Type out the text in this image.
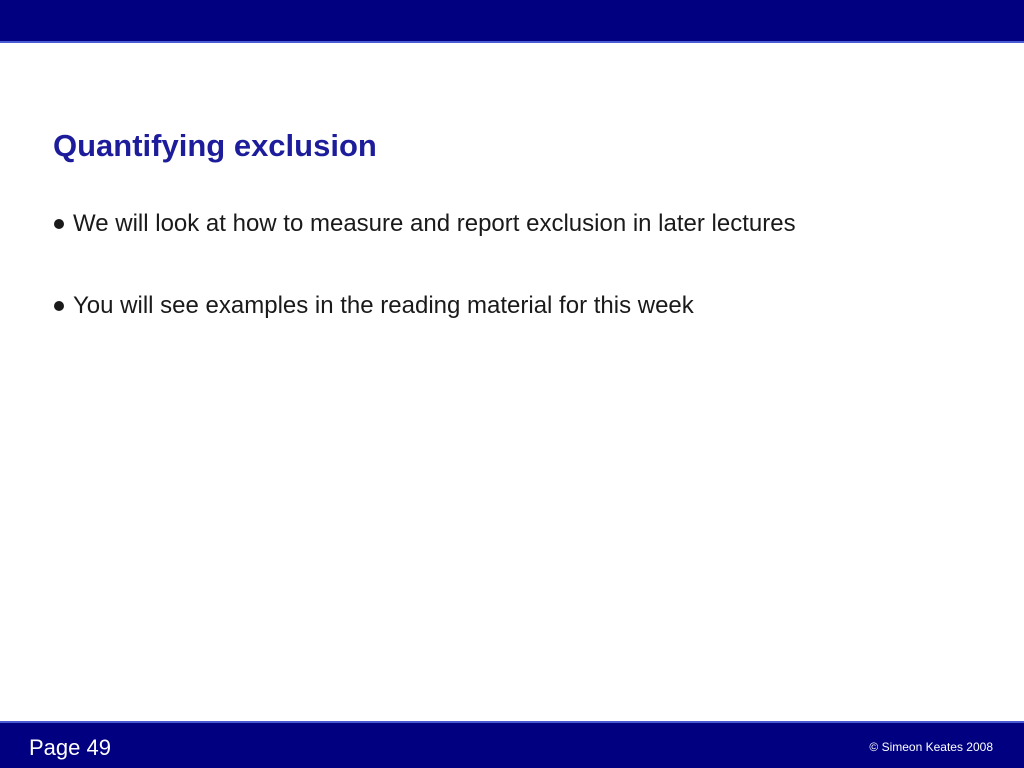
Quantifying exclusion
We will look at how to measure and report exclusion in later lectures
You will see examples in the reading material for this week
Page 49	© Simeon Keates 2008
